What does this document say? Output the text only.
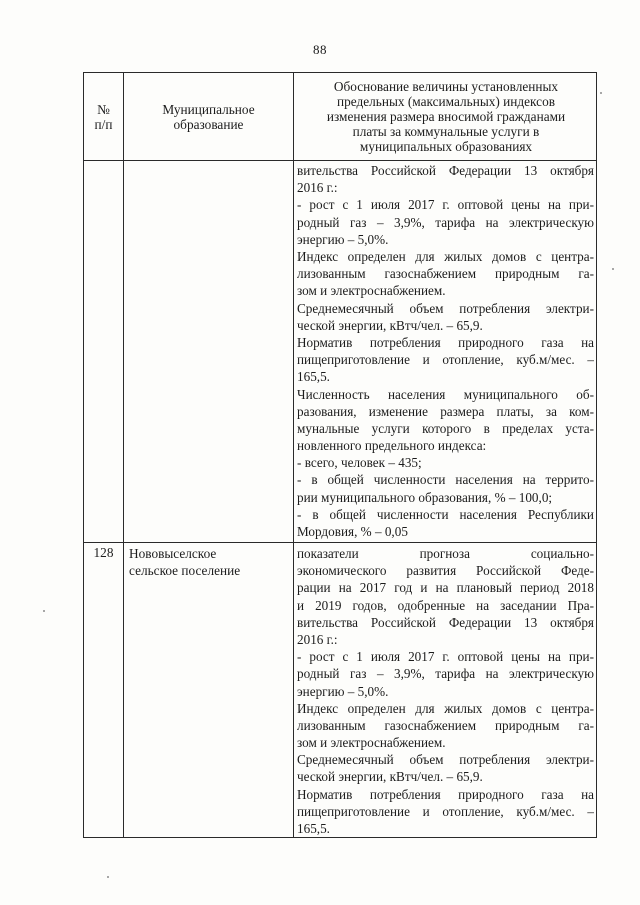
88
№
п/п
Муниципальное
образование
Обоснование величины установленных
предельных (максимальных) индексов
изменения размера вносимой гражданами
платы за коммунальные услуги в
муниципальных образованиях
вительства Российской Федерации 13 октября
2016 г.:
- рост с 1 июля 2017 г. оптовой цены на при-
родный газ – 3,9%, тарифа на электрическую
энергию – 5,0%.
Индекс определен для жилых домов с центра-
лизованным газоснабжением природным га-
зом и электроснабжением.
Среднемесячный объем потребления электри-
ческой энергии, кВтч/чел. – 65,9.
Норматив потребления природного газа на
пищеприготовление и отопление, куб.м/мес. –
165,5.
Численность населения муниципального об-
разования, изменение размера платы, за ком-
мунальные услуги которого в пределах уста-
новленного предельного индекса:
- всего, человек – 435;
- в общей численности населения на террито-
рии муниципального образования, % – 100,0;
- в общей численности населения Республики
Мордовия, % – 0,05
128	Нововыселское
сельское поселение
показатели прогноза социально-
экономического развития Российской Феде-
рации на 2017 год и на плановый период 2018
и 2019 годов, одобренные на заседании Пра-
вительства Российской Федерации 13 октября
2016 г.:
- рост с 1 июля 2017 г. оптовой цены на при-
родный газ – 3,9%, тарифа на электрическую
энергию – 5,0%.
Индекс определен для жилых домов с центра-
лизованным газоснабжением природным га-
зом и электроснабжением.
Среднемесячный объем потребления электри-
ческой энергии, кВтч/чел. – 65,9.
Норматив потребления природного газа на
пищеприготовление и отопление, куб.м/мес. –
165,5.
